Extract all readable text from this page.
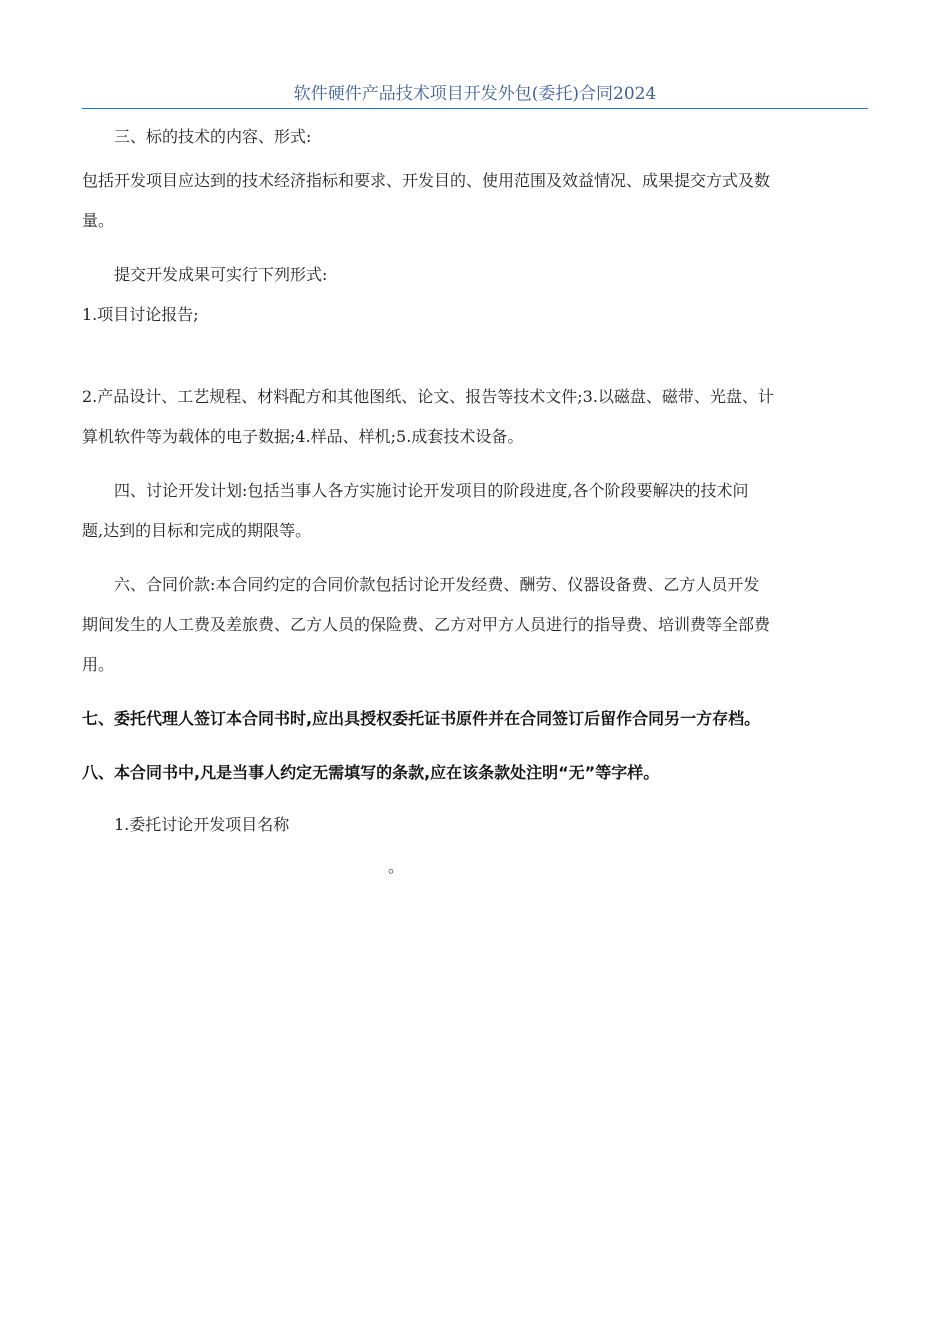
软件硬件产品技术项目开发外包(委托)合同2024
三、标的技术的内容、形式:
包括开发项目应达到的技术经济指标和要求、开发目的、使用范围及效益情况、成果提交方式及数
量。
提交开发成果可实行下列形式:
1.项目讨论报告;
2.产品设计、工艺规程、材料配方和其他图纸、论文、报告等技术文件;3.以磁盘、磁带、光盘、计
算机软件等为载体的电子数据;4.样品、样机;5.成套技术设备。
四、讨论开发计划:包括当事人各方实施讨论开发项目的阶段进度,各个阶段要解决的技术问
题,达到的目标和完成的期限等。
六、合同价款:本合同约定的合同价款包括讨论开发经费、酬劳、仪器设备费、乙方人员开发
期间发生的人工费及差旅费、乙方人员的保险费、乙方对甲方人员进行的指导费、培训费等全部费
用。
七、委托代理人签订本合同书时,应出具授权委托证书原件并在合同签订后留作合同另一方存档。
八、本合同书中,凡是当事人约定无需填写的条款,应在该条款处注明“无”等字样。
1.委托讨论开发项目名称
。
